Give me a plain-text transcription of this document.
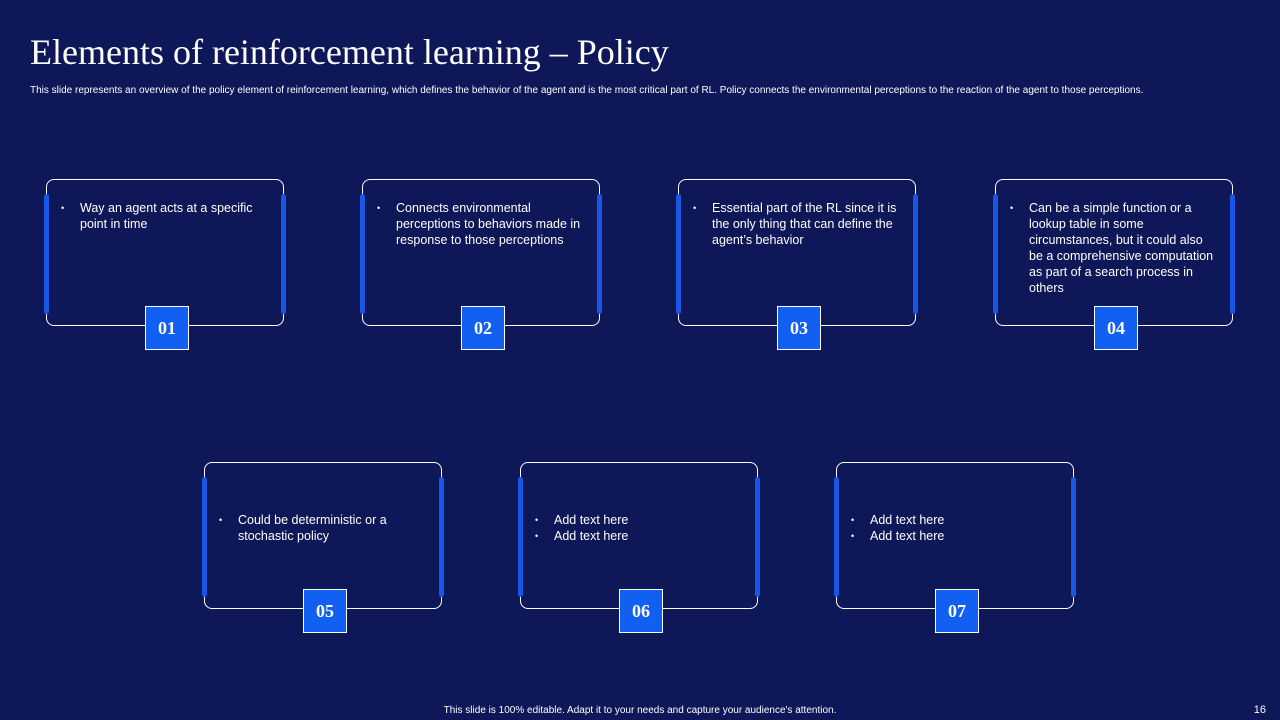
Elements of reinforcement learning – Policy

This slide represents an overview of the policy element of reinforcement learning, which defines the behavior of the agent and is the most critical part of RL. Policy connects the environmental perceptions to the reaction of the agent to those perceptions.

• Way an agent acts at a specific point in time
01
• Connects environmental perceptions to behaviors made in response to those perceptions
02
• Essential part of the RL since it is the only thing that can define the agent’s behavior
03
• Can be a simple function or a lookup table in some circumstances, but it could also be a comprehensive computation as part of a search process in others
04
• Could be deterministic or a stochastic policy
05
• Add text here
• Add text here
06
• Add text here
• Add text here
07
This slide is 100% editable. Adapt it to your needs and capture your audience's attention.	16
